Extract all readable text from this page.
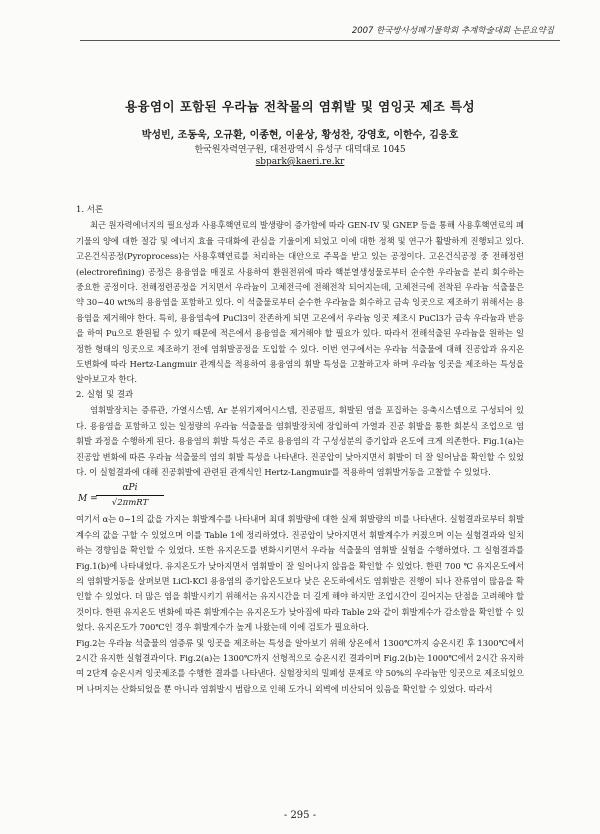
2007 한국방사성폐기물학회 추계학술대회 논문요약집
용융염이 포함된 우라늄 전착물의 염휘발 및 염잉곳 제조 특성
박성빈, 조동욱, 오규환, 이종현, 이윤상, 황성찬, 강영호, 이한수, 김응호
한국원자력연구원, 대전광역시 유성구 대덕대로 1045
sbpark@kaeri.re.kr

1. 서론

최근 원자력에너지의 필요성과 사용후핵연료의 발생량이 증가함에 따라 GEN-IV 및 GNEP 등을 통해 사용후핵연료의 폐기물의 양에 대한 절감 및 에너지 효율 극대화에 관심을 기울이게 되었고 이에 대한 정책 및 연구가 활발하게 진행되고 있다. 고온건식공정(Pyroprocess)는 사용후핵연료를 처리하는 대안으로 주목을 받고 있는 공정이다. 고온건식공정 중 전해정련(electrorefining) 공정은 용융염을 매질로 사용하여 환원전위에 따라 핵분열생성물로부터 순수한 우라늄을 분리 회수하는 중요한 공정이다. 전해정련공정을 거치면서 우라늄이 고체전극에 전해전착 되어지는데, 고체전극에 전착된 우라늄 석출물은 약 30~40 wt%의 용융염을 포함하고 있다. 이 석출물로부터 순수한 우라늄을 회수하고 금속 잉곳으로 제조하기 위해서는 용융염을 제거해야 한다. 특히, 용융염속에 PuCl3이 잔존하게 되면 고온에서 우라늄 잉곳 제조시 PuCl3가 금속 우라늄과 반응을 하여 Pu으로 환원될 수 있기 때문에 적은에서 용융염을 제거해야 할 필요가 있다. 따라서 전해석출된 우라늄을 원하는 일정한 형태의 잉곳으로 제조하기 전에 염휘발공정을 도입할 수 있다. 이번 연구에서는 우라늄 석출물에 대해 진공압과 유지온도변화에 따라 Hertz-Langmuir 관계식을 적용하여 용융염의 휘발 특성을 고찰하고자 하며 우라늄 잉곳을 제조하는 특성을 알아보고자 한다.

2. 실험 및 결과

염휘발장치는 증류관, 가열시스템, Ar 분위기제어시스템, 진공펌프, 휘발된 염을 포집하는 응축시스템으로 구성되어 있다. 용융염을 포함하고 있는 일정량의 우라늄 석출물을 염휘발장치에 장입하여 가열과 진공 휘발을 통한 회분식 조업으로 염휘발 과정을 수행하게 된다. 용융염의 휘발 특성은 주로 용융염의 각 구성성분의 증기압과 온도에 크게 의존한다. Fig.1(a)는 진공압 변화에 따른 우라늄 석출물의 염의 휘발 특성을 나타낸다. 진공압이 낮아지면서 휘발이 더 잘 일어남을 확인할 수 있었다. 이 실험결과에 대해 진공휘발에 관련된 관계식인 Hertz-Langmuir를 적용하여 염휘발거동을 고찰할 수 있었다.

M =
αPi
√2πmRT

여기서 α는 0~1의 값을 가지는 휘발계수를 나타내며 최대 휘발량에 대한 실제 휘발량의 비를 나타낸다. 실험결과로부터 휘발계수의 값을 구할 수 있었으며 이를 Table 1에 정리하였다. 진공압이 낮아지면서 휘발계수가 커졌으며 이는 실험결과와 일치하는 경향임을 확인할 수 있었다. 또한 유지온도를 변화시키면서 우라늄 석출물의 염휘발 실험을 수행하였다. 그 실험결과를 Fig.1(b)에 나타내었다. 유지온도가 낮아지면서 염휘발이 잘 일어나지 않음을 확인할 수 있었다. 한편 700 ℃ 유지온도에서의 염휘발거동을 살펴보면 LiCl-KCl 용융염의 증기압온도보다 낮은 온도하에서도 염휘발은 진행이 되나 잔류염이 많음을 확인할 수 있었다. 더 많은 염을 휘발시키기 위해서는 유지시간을 더 길게 해야 하지만 조업시간이 길어지는 단점을 고려해야 할 것이다. 한편 유지온도 변화에 따른 휘발계수는 유지온도가 낮아짐에 따라 Table 2와 같이 휘발계수가 감소함을 확인할 수 있었다. 유지온도가 700℃인 경우 휘발계수가 높게 나왔는데 이에 검토가 필요하다.

Fig.2는 우라늄 석출물의 염증류 및 잉곳을 제조하는 특성을 알아보기 위해 상온에서 1300℃까지 승온시킨 후 1300℃에서 2시간 유지한 실험결과이다. Fig.2(a)는 1300℃까지 선형적으로 승온시킨 결과이며 Fig.2(b)는 1000℃에서 2시간 유지하여 2단계 승온시켜 잉곳제조를 수행한 결과를 나타낸다. 실험장치의 밀폐성 문제로 약 50%의 우라늄만 잉곳으로 제조되었으며 나머지는 산화되었을 뿐 아니라 염휘발시 범람으로 인해 도가니 외벽에 비산되어 있음을 확인할 수 있었다. 따라서

- 295 -
